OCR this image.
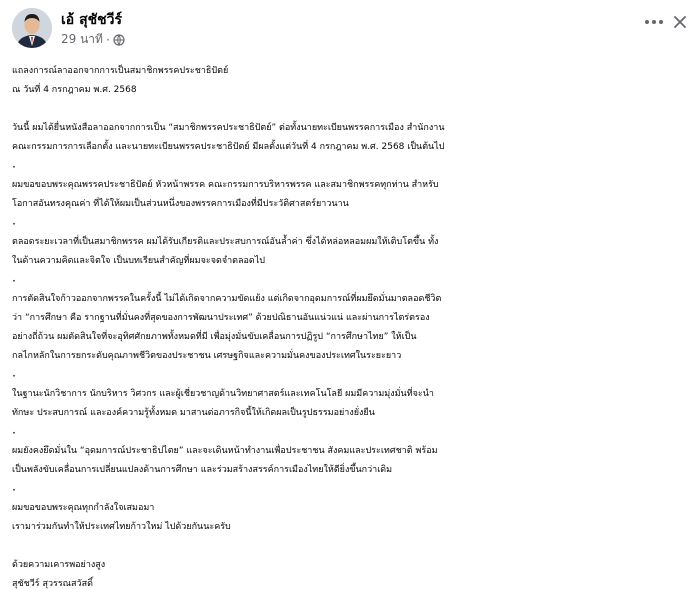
เอ้ สุชัชวีร์
29 นาที ·

แถลงการณ์ลาออกจากการเป็นสมาชิกพรรคประชาธิปัตย์

ณ วันที่ 4 กรกฎาคม พ.ศ. 2568

วันนี้ ผมได้ยื่นหนังสือลาออกจากการเป็น “สมาชิกพรรคประชาธิปัตย์” ต่อทั้งนายทะเบียนพรรคการเมือง สำนักงาน

คณะกรรมการการเลือกตั้ง และนายทะเบียนพรรคประชาธิปัตย์ มีผลตั้งแต่วันที่ 4 กรกฎาคม พ.ศ. 2568 เป็นต้นไป

·

ผมขอขอบพระคุณพรรคประชาธิปัตย์ หัวหน้าพรรค คณะกรรมการบริหารพรรค และสมาชิกพรรคทุกท่าน สำหรับ

โอกาสอันทรงคุณค่า ที่ได้ให้ผมเป็นส่วนหนึ่งของพรรคการเมืองที่มีประวัติศาสตร์ยาวนาน

·

ตลอดระยะเวลาที่เป็นสมาชิกพรรค ผมได้รับเกียรติและประสบการณ์อันล้ำค่า ซึ่งได้หล่อหลอมผมให้เติบโตขึ้น ทั้ง

ในด้านความคิดและจิตใจ เป็นบทเรียนสำคัญที่ผมจะจดจำตลอดไป

·

การตัดสินใจก้าวออกจากพรรคในครั้งนี้ ไม่ได้เกิดจากความขัดแย้ง แต่เกิดจากอุดมการณ์ที่ผมยึดมั่นมาตลอดชีวิต

ว่า “การศึกษา คือ รากฐานที่มั่นคงที่สุดของการพัฒนาประเทศ” ด้วยปณิธานอันแน่วแน่ และผ่านการไตร่ตรอง

อย่างถี่ถ้วน ผมตัดสินใจที่จะอุทิศศักยภาพทั้งหมดที่มี เพื่อมุ่งมั่นขับเคลื่อนการปฏิรูป “การศึกษาไทย” ให้เป็น

กลไกหลักในการยกระดับคุณภาพชีวิตของประชาชน เศรษฐกิจและความมั่นคงของประเทศในระยะยาว

·

ในฐานะนักวิชาการ นักบริหาร วิศวกร และผู้เชี่ยวชาญด้านวิทยาศาสตร์และเทคโนโลยี ผมมีความมุ่งมั่นที่จะนำ

ทักษะ ประสบการณ์ และองค์ความรู้ทั้งหมด มาสานต่อภารกิจนี้ให้เกิดผลเป็นรูปธรรมอย่างยั่งยืน

·

ผมยังคงยึดมั่นใน “อุดมการณ์ประชาธิปไตย” และจะเดินหน้าทำงานเพื่อประชาชน สังคมและประเทศชาติ พร้อม

เป็นพลังขับเคลื่อนการเปลี่ยนแปลงด้านการศึกษา และร่วมสร้างสรรค์การเมืองไทยให้ดียิ่งขึ้นกว่าเดิม

·

ผมขอขอบพระคุณทุกกำลังใจเสมอมา

เรามาร่วมกันทำให้ประเทศไทยก้าวใหม่ ไปด้วยกันนะครับ

ด้วยความเคารพอย่างสูง

สุชัชวีร์ สุวรรณสวัสดิ์
